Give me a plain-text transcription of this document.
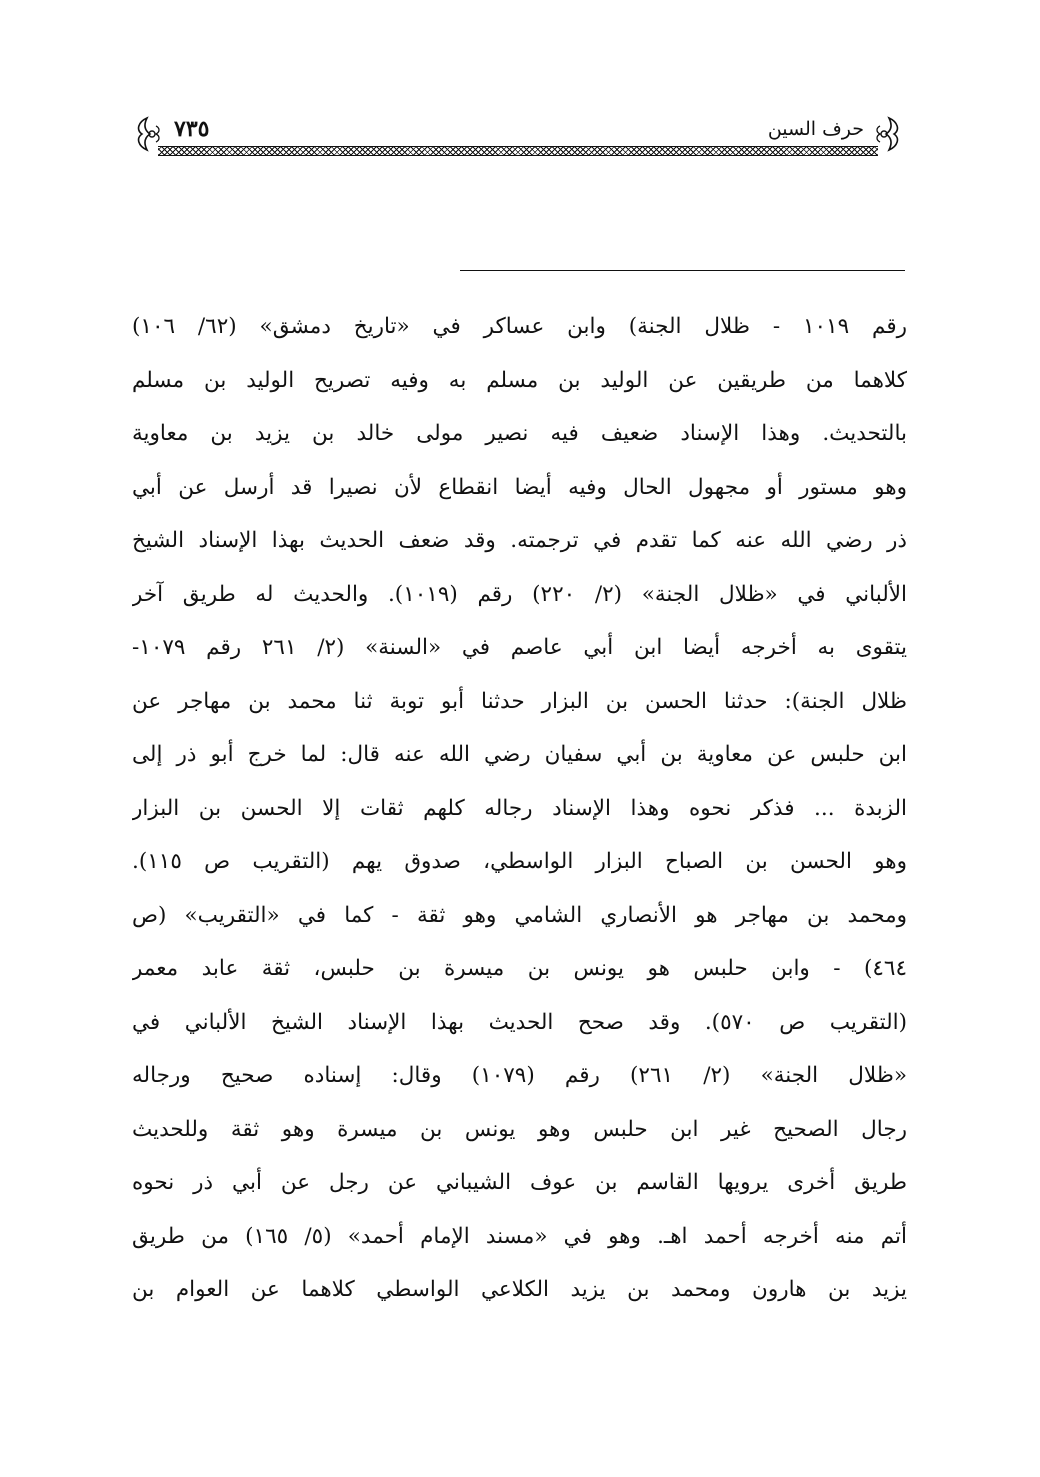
٧٣٥	حرف السين
رقم ١٠١٩ - ظلال الجنة) وابن عساكر في «تاريخ دمشق» (٦٢/ ١٠٦)
كلاهما من طريقين عن الوليد بن مسلم به وفيه تصريح الوليد بن مسلم
بالتحديث. وهذا الإسناد ضعيف فيه نصير مولى خالد بن يزيد بن معاوية
وهو مستور أو مجهول الحال وفيه أيضا انقطاع لأن نصيرا قد أرسل عن أبي
ذر رضي الله عنه كما تقدم في ترجمته. وقد ضعف الحديث بهذا الإسناد الشيخ
الألباني في «ظلال الجنة» (٢/ ٢٢٠) رقم (١٠١٩). والحديث له طريق آخر
يتقوى به أخرجه أيضا ابن أبي عاصم في «السنة» (٢/ ٢٦١ رقم ١٠٧٩-
ظلال الجنة): حدثنا الحسن بن البزار حدثنا أبو توبة ثنا محمد بن مهاجر عن
ابن حلبس عن معاوية بن أبي سفيان رضي الله عنه قال: لما خرج أبو ذر إلى
الزبدة ... فذكر نحوه وهذا الإسناد رجاله كلهم ثقات إلا الحسن بن البزار
وهو الحسن بن الصباح البزار الواسطي، صدوق يهم (التقريب ص ١١٥).
ومحمد بن مهاجر هو الأنصاري الشامي وهو ثقة - كما في «التقريب» (ص
٤٦٤) - وابن حلبس هو يونس بن ميسرة بن حلبس، ثقة عابد معمر
(التقريب ص ٥٧٠). وقد صحح الحديث بهذا الإسناد الشيخ الألباني في
«ظلال الجنة» (٢/ ٢٦١) رقم (١٠٧٩) وقال: إسناده صحيح ورجاله
رجال الصحيح غير ابن حلبس وهو يونس بن ميسرة وهو ثقة وللحديث
طريق أخرى يرويها القاسم بن عوف الشيباني عن رجل عن أبي ذر نحوه
أتم منه أخرجه أحمد اهـ. وهو في «مسند الإمام أحمد» (٥/ ١٦٥) من طريق
يزيد بن هارون ومحمد بن يزيد الكلاعي الواسطي كلاهما عن العوام بن
